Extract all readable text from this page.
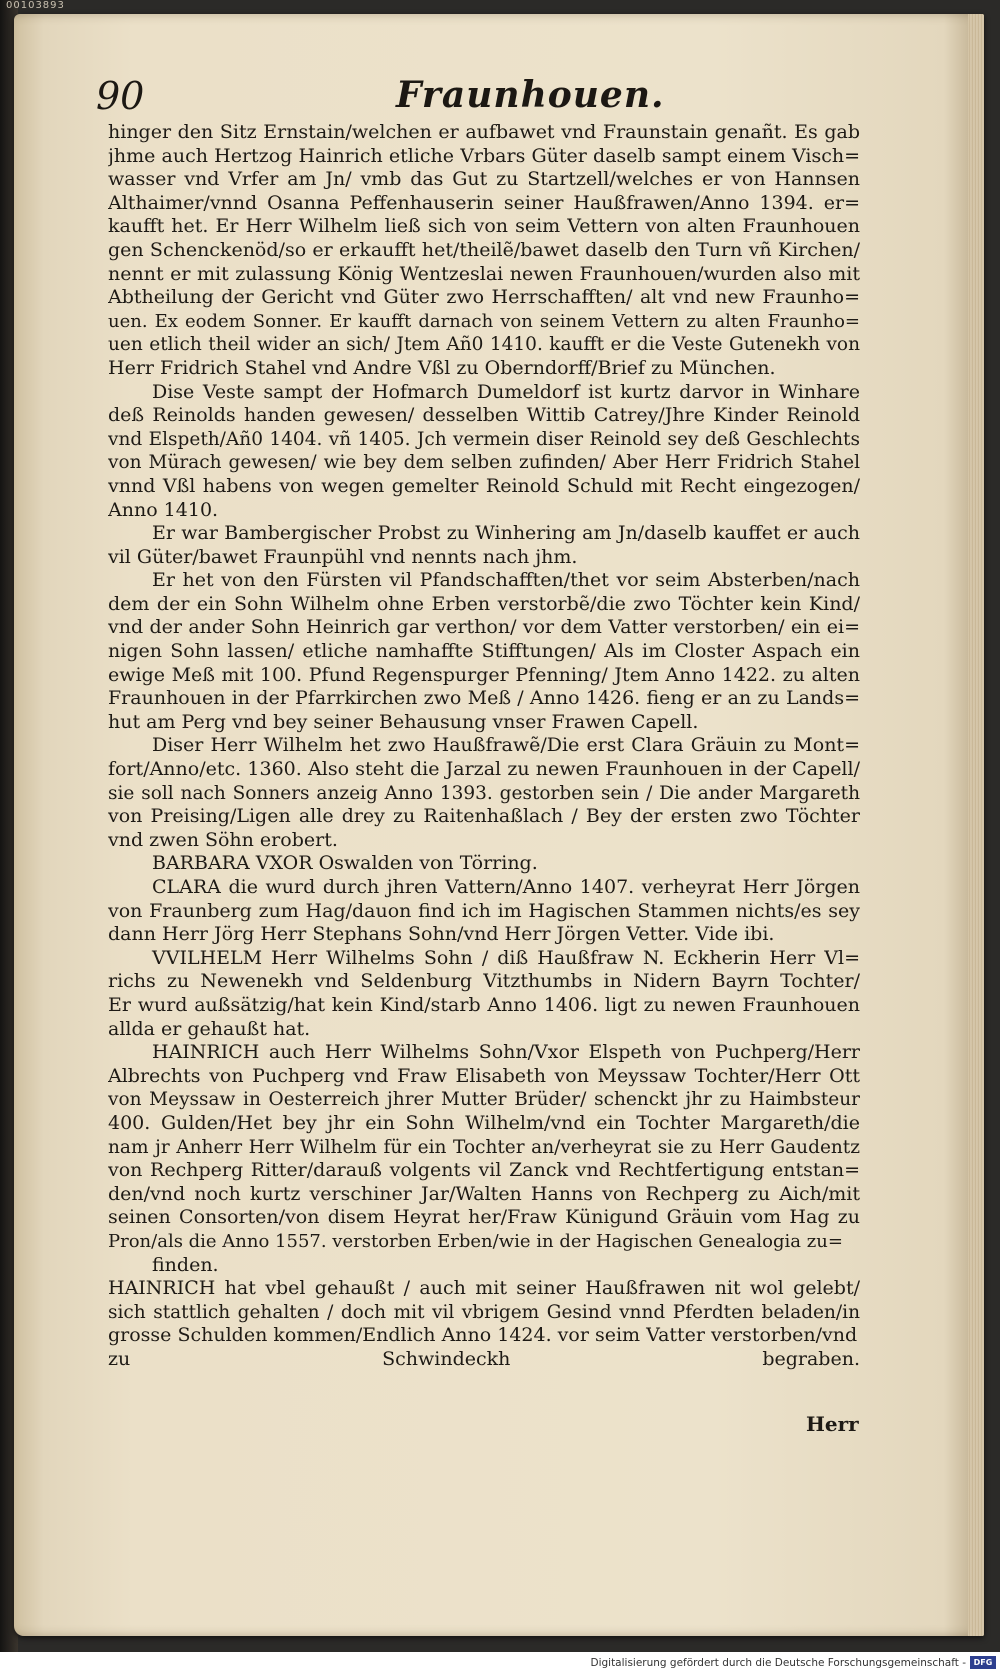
00103893
90	Fraunhouen.
hinger den Sitz Ernstain/welchen er aufbawet vnd Fraunstain genañt. Es gab
jhme auch Hertzog Hainrich etliche Vrbars Güter daselb sampt einem Visch=
wasser vnd Vrfer am Jn/ vmb das Gut zu Startzell/welches er von Hannsen
Althaimer/vnnd Osanna Peffenhauserin seiner Haußfrawen/Anno 1394. er=
kaufft het. Er Herr Wilhelm ließ sich von seim Vettern von alten Fraunhouen
gen Schenckenöd/so er erkaufft het/theilẽ/bawet daselb den Turn vñ Kirchen/
nennt er mit zulassung König Wentzeslai newen Fraunhouen/wurden also mit
Abtheilung der Gericht vnd Güter zwo Herrschafften/ alt vnd new Fraunho=
uen. Ex eodem Sonner. Er kaufft darnach von seinem Vettern zu alten Fraunho=
uen etlich theil wider an sich/ Jtem Añ0 1410. kaufft er die Veste Gutenekh von
Herr Fridrich Stahel vnd Andre Vßl zu Oberndorff/Brief zu München.
Dise Veste sampt der Hofmarch Dumeldorf ist kurtz darvor in Winhare
deß Reinolds handen gewesen/ desselben Wittib Catrey/Jhre Kinder Reinold
vnd Elspeth/Añ0 1404. vñ 1405. Jch vermein diser Reinold sey deß Geschlechts
von Mürach gewesen/ wie bey dem selben zufinden/ Aber Herr Fridrich Stahel
vnnd Vßl habens von wegen gemelter Reinold Schuld mit Recht eingezogen/
Anno 1410.
Er war Bambergischer Probst zu Winhering am Jn/daselb kauffet er auch
vil Güter/bawet Fraunpühl vnd nennts nach jhm.
Er het von den Fürsten vil Pfandschafften/thet vor seim Absterben/nach
dem der ein Sohn Wilhelm ohne Erben verstorbẽ/die zwo Töchter kein Kind/
vnd der ander Sohn Heinrich gar verthon/ vor dem Vatter verstorben/ ein ei=
nigen Sohn lassen/ etliche namhaffte Stifftungen/ Als im Closter Aspach ein
ewige Meß mit 100. Pfund Regenspurger Pfenning/ Jtem Anno 1422. zu alten
Fraunhouen in der Pfarrkirchen zwo Meß / Anno 1426. fieng er an zu Lands=
hut am Perg vnd bey seiner Behausung vnser Frawen Capell.
Diser Herr Wilhelm het zwo Haußfrawẽ/Die erst Clara Gräuin zu Mont=
fort/Anno/etc. 1360. Also steht die Jarzal zu newen Fraunhouen in der Capell/
sie soll nach Sonners anzeig Anno 1393. gestorben sein / Die ander Margareth
von Preising/Ligen alle drey zu Raitenhaßlach / Bey der ersten zwo Töchter
vnd zwen Söhn erobert.
BARBARA VXOR Oswalden von Törring.
CLARA die wurd durch jhren Vattern/Anno 1407. verheyrat Herr Jörgen
von Fraunberg zum Hag/dauon find ich im Hagischen Stammen nichts/es sey
dann Herr Jörg Herr Stephans Sohn/vnd Herr Jörgen Vetter. Vide ibi.
VVILHELM Herr Wilhelms Sohn / diß Haußfraw N. Eckherin Herr Vl=
richs zu Newenekh vnd Seldenburg Vitzthumbs in Nidern Bayrn Tochter/
Er wurd außsätzig/hat kein Kind/starb Anno 1406. ligt zu newen Fraunhouen
allda er gehaußt hat.
HAINRICH auch Herr Wilhelms Sohn/Vxor Elspeth von Puchperg/Herr
Albrechts von Puchperg vnd Fraw Elisabeth von Meyssaw Tochter/Herr Ott
von Meyssaw in Oesterreich jhrer Mutter Brüder/ schenckt jhr zu Haimbsteur
400. Gulden/Het bey jhr ein Sohn Wilhelm/vnd ein Tochter Margareth/die
nam jr Anherr Herr Wilhelm für ein Tochter an/verheyrat sie zu Herr Gaudentz
von Rechperg Ritter/darauß volgents vil Zanck vnd Rechtfertigung entstan=
den/vnd noch kurtz verschiner Jar/Walten Hanns von Rechperg zu Aich/mit
seinen Consorten/von disem Heyrat her/Fraw Künigund Gräuin vom Hag zu
Pron/als die Anno 1557. verstorben Erben/wie in der Hagischen Genealogia zu=
finden.
HAINRICH hat vbel gehaußt / auch mit seiner Haußfrawen nit wol gelebt/
sich stattlich gehalten / doch mit vil vbrigem Gesind vnnd Pferdten beladen/in
grosse Schulden kommen/Endlich Anno 1424. vor seim Vatter verstorben/vnd
zu Schwindeckh begraben.
Herr
Digitalisierung gefördert durch die Deutsche Forschungsgemeinschaft - DFG
